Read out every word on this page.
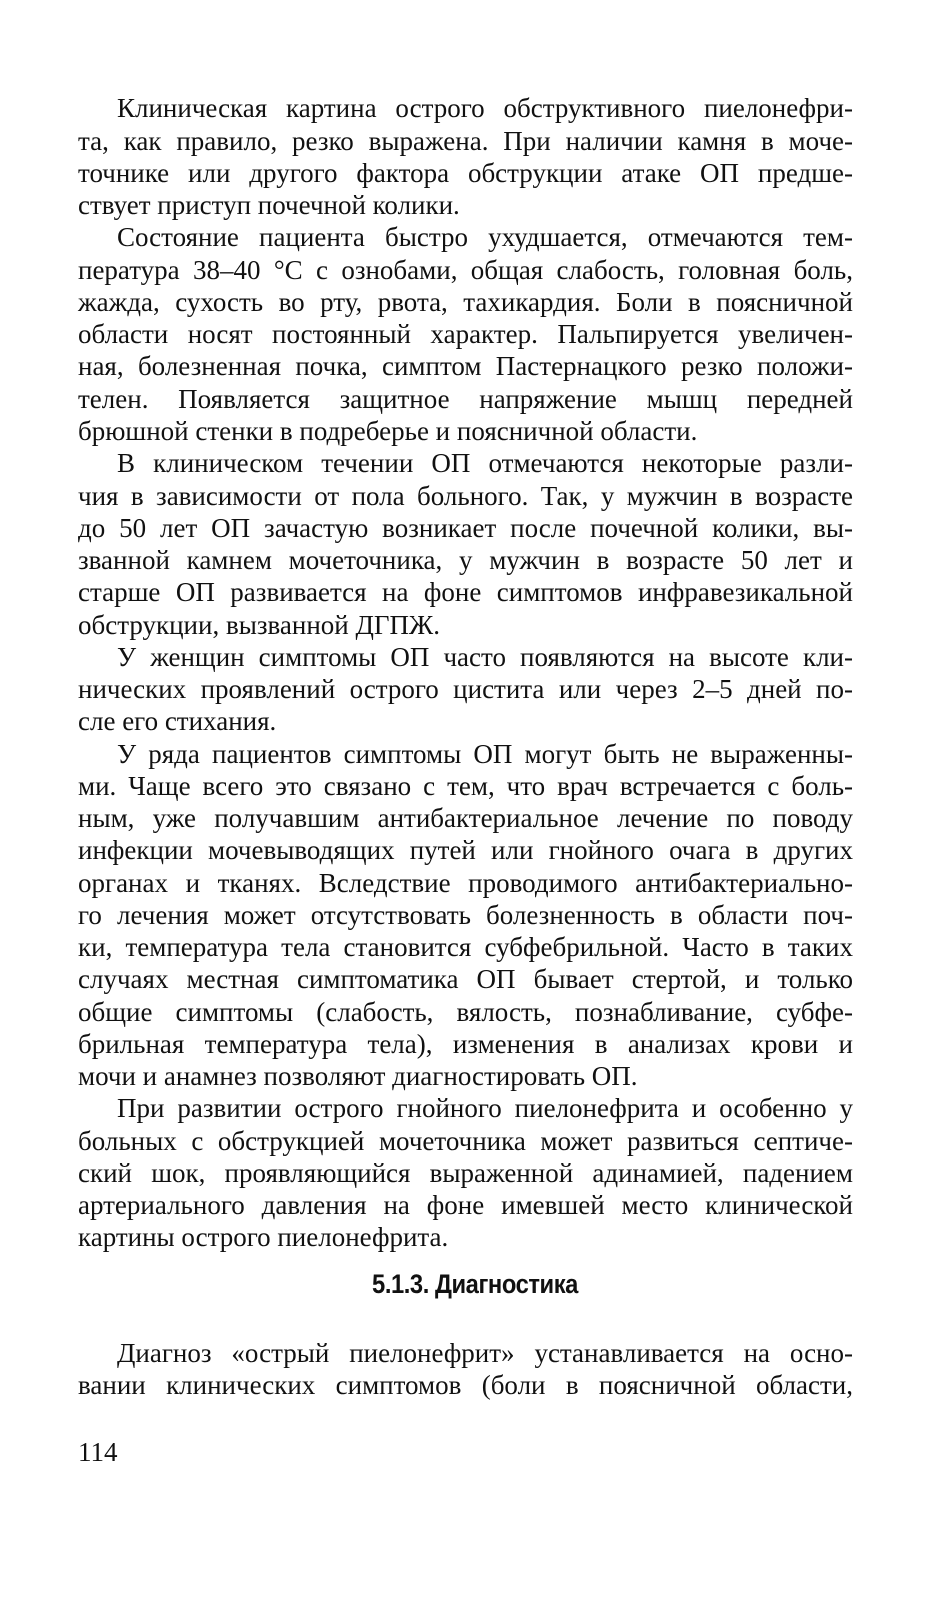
Клиническая картина острого обструктивного пиелонефри-
та, как правило, резко выражена. При наличии камня в моче-
точнике или другого фактора обструкции атаке ОП предше-
ствует приступ почечной колики.
Состояние пациента быстро ухудшается, отмечаются тем-
пература 38–40 °С с ознобами, общая слабость, головная боль,
жажда, сухость во рту, рвота, тахикардия. Боли в поясничной
области носят постоянный характер. Пальпируется увеличен-
ная, болезненная почка, симптом Пастернацкого резко положи-
телен. Появляется защитное напряжение мышц передней
брюшной стенки в подреберье и поясничной области.
В клиническом течении ОП отмечаются некоторые разли-
чия в зависимости от пола больного. Так, у мужчин в возрасте
до 50 лет ОП зачастую возникает после почечной колики, вы-
званной камнем мочеточника, у мужчин в возрасте 50 лет и
старше ОП развивается на фоне симптомов инфравезикальной
обструкции, вызванной ДГПЖ.
У женщин симптомы ОП часто появляются на высоте кли-
нических проявлений острого цистита или через 2–5 дней по-
сле его стихания.
У ряда пациентов симптомы ОП могут быть не выраженны-
ми. Чаще всего это связано с тем, что врач встречается с боль-
ным, уже получавшим антибактериальное лечение по поводу
инфекции мочевыводящих путей или гнойного очага в других
органах и тканях. Вследствие проводимого антибактериально-
го лечения может отсутствовать болезненность в области поч-
ки, температура тела становится субфебрильной. Часто в таких
случаях местная симптоматика ОП бывает стертой, и только
общие симптомы (слабость, вялость, познабливание, субфе-
брильная температура тела), изменения в анализах крови и
мочи и анамнез позволяют диагностировать ОП.
При развитии острого гнойного пиелонефрита и особенно у
больных с обструкцией мочеточника может развиться септиче-
ский шок, проявляющийся выраженной адинамией, падением
артериального давления на фоне имевшей место клинической
картины острого пиелонефрита.
5.1.3. Диагностика
Диагноз «острый пиелонефрит» устанавливается на осно-
вании клинических симптомов (боли в поясничной области,
114
